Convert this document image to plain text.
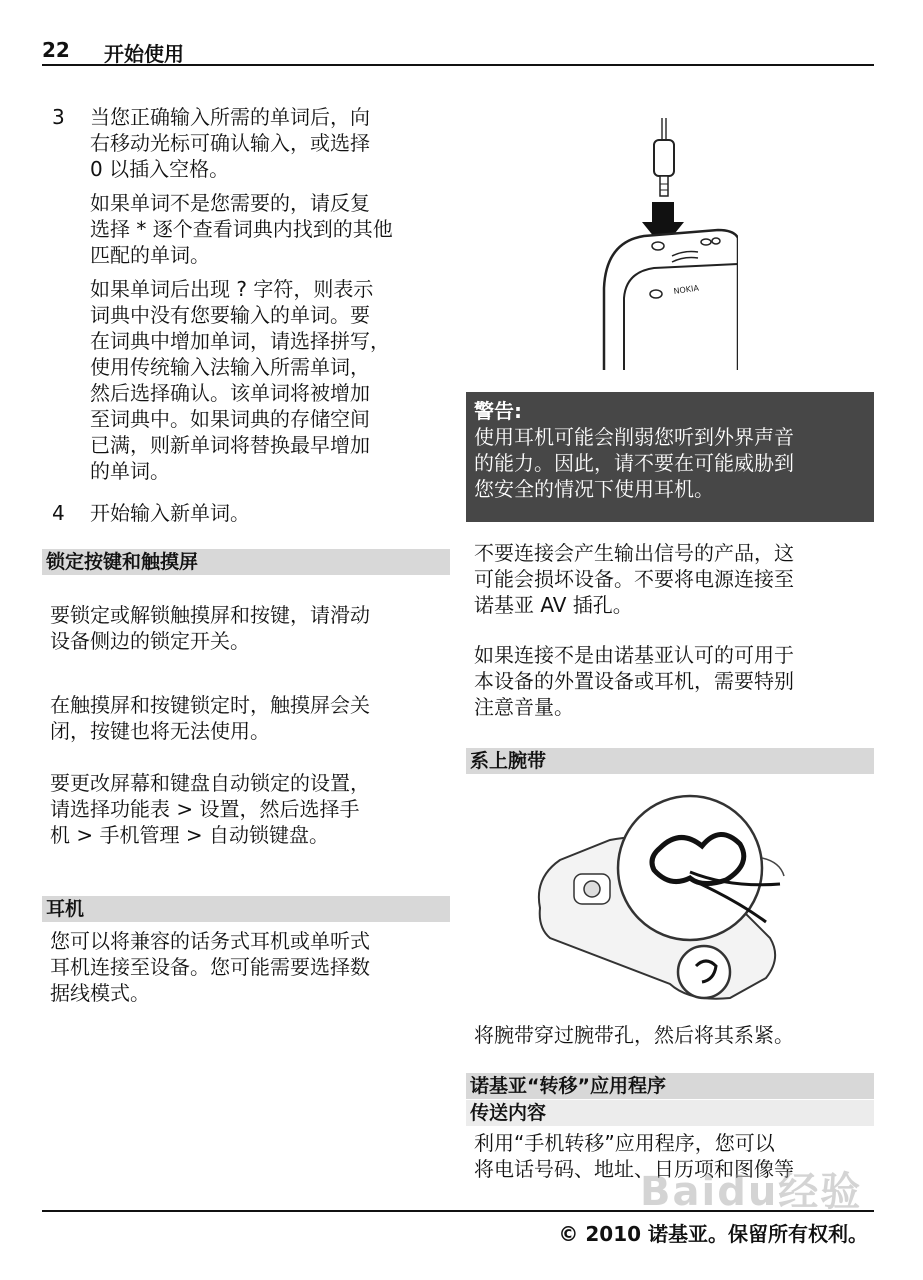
22 开始使用
3 当您正确输入所需的单词后，向
右移动光标可确认输入，或选择
0 以插入空格。
如果单词不是您需要的，请反复
选择 * 逐个查看词典内找到的其他
匹配的单词。
如果单词后出现 ? 字符，则表示
词典中没有您要输入的单词。要
在词典中增加单词，请选择拼写，
使用传统输入法输入所需单词，
然后选择确认。该单词将被增加
至词典中。如果词典的存储空间
已满，则新单词将替换最早增加
的单词。
4 开始输入新单词。
锁定按键和触摸屏
要锁定或解锁触摸屏和按键，请滑动
设备侧边的锁定开关。
在触摸屏和按键锁定时，触摸屏会关
闭，按键也将无法使用。
要更改屏幕和键盘自动锁定的设置，
请选择功能表 > 设置，然后选择手
机 > 手机管理 > 自动锁键盘。
耳机
您可以将兼容的话务式耳机或单听式
耳机连接至设备。您可能需要选择数
据线模式。
NOKIA
警告:
使用耳机可能会削弱您听到外界声音
的能力。因此，请不要在可能威胁到
您安全的情况下使用耳机。
不要连接会产生输出信号的产品，这
可能会损坏设备。不要将电源连接至
诺基亚 AV 插孔。
如果连接不是由诺基亚认可的可用于
本设备的外置设备或耳机，需要特别
注意音量。
系上腕带
将腕带穿过腕带孔，然后将其系紧。
诺基亚“转移”应用程序
传送内容
利用“手机转移”应用程序，您可以
将电话号码、地址、日历项和图像等
Baidu经验
© 2010 诺基亚。保留所有权利。
